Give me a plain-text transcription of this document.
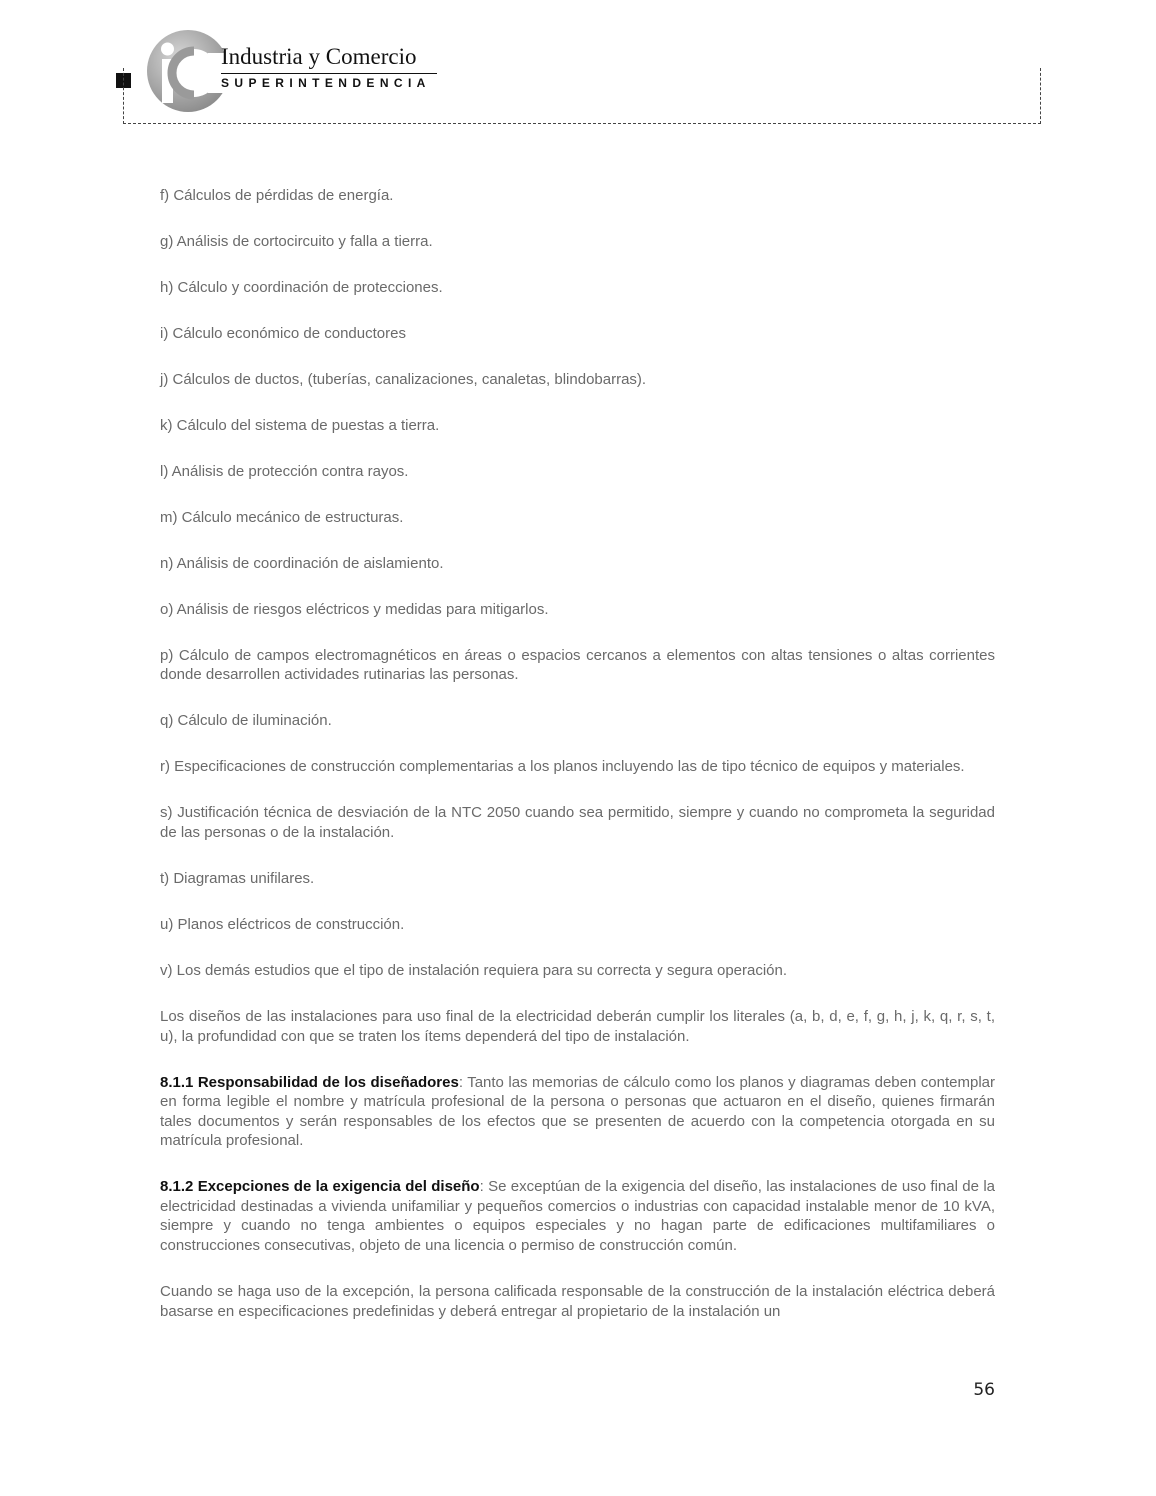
Industria y Comercio
SUPERINTENDENCIA

f) Cálculos de pérdidas de energía.

g) Análisis de cortocircuito y falla a tierra.

h) Cálculo y coordinación de protecciones.

i) Cálculo económico de conductores

j) Cálculos de ductos, (tuberías, canalizaciones, canaletas, blindobarras).

k) Cálculo del sistema de puestas a tierra.

l) Análisis de protección contra rayos.

m) Cálculo mecánico de estructuras.

n) Análisis de coordinación de aislamiento.

o) Análisis de riesgos eléctricos y medidas para mitigarlos.

p) Cálculo de campos electromagnéticos en áreas o espacios cercanos a elementos con altas tensiones o altas corrientes donde desarrollen actividades rutinarias las personas.

q) Cálculo de iluminación.

r) Especificaciones de construcción complementarias a los planos incluyendo las de tipo técnico de equipos y materiales.

s) Justificación técnica de desviación de la NTC 2050 cuando sea permitido, siempre y cuando no comprometa la seguridad de las personas o de la instalación.

t) Diagramas unifilares.

u) Planos eléctricos de construcción.

v) Los demás estudios que el tipo de instalación requiera para su correcta y segura operación.

Los diseños de las instalaciones para uso final de la electricidad deberán cumplir los literales (a, b, d, e, f, g, h, j, k, q, r, s, t, u), la profundidad con que se traten los ítems dependerá del tipo de instalación.

8.1.1 Responsabilidad de los diseñadores: Tanto las memorias de cálculo como los planos y diagramas deben contemplar en forma legible el nombre y matrícula profesional de la persona o personas que actuaron en el diseño, quienes firmarán tales documentos y serán responsables de los efectos que se presenten de acuerdo con la competencia otorgada en su matrícula profesional.

8.1.2 Excepciones de la exigencia del diseño: Se exceptúan de la exigencia del diseño, las instalaciones de uso final de la electricidad destinadas a vivienda unifamiliar y pequeños comercios o industrias con capacidad instalable menor de 10 kVA, siempre y cuando no tenga ambientes o equipos especiales y no hagan parte de edificaciones multifamiliares o construcciones consecutivas, objeto de una licencia o permiso de construcción común.

Cuando se haga uso de la excepción, la persona calificada responsable de la construcción de la instalación eléctrica deberá basarse en especificaciones predefinidas y deberá entregar al propietario de la instalación un

56
